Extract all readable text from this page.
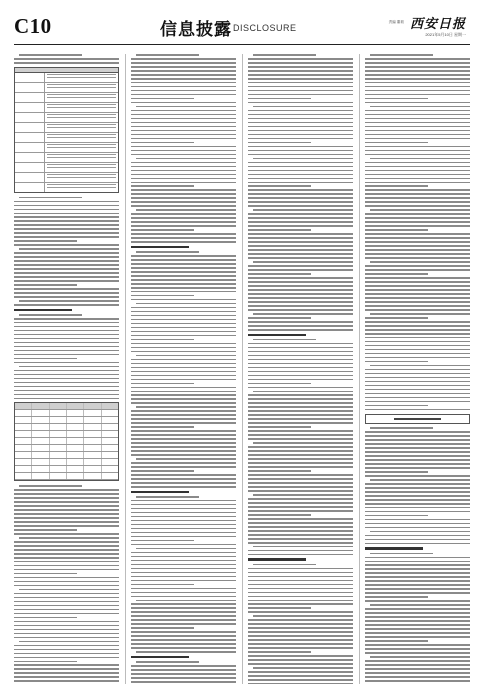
C10	信息披露 DISCLOSURE
责编 董莉 西安日报
2021年5月10日 星期一
